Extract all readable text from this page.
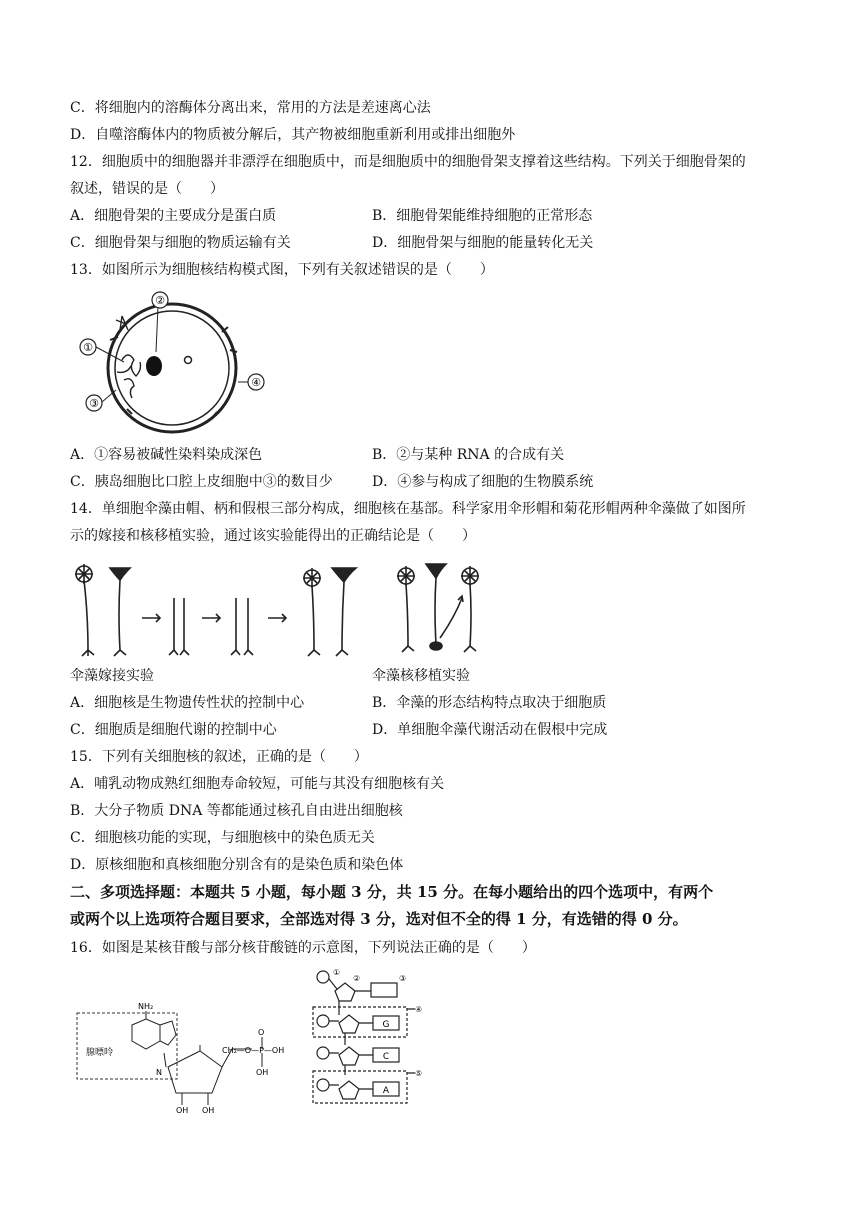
C．将细胞内的溶酶体分离出来，常用的方法是差速离心法
D．自噬溶酶体内的物质被分解后，其产物被细胞重新利用或排出细胞外
12．细胞质中的细胞器并非漂浮在细胞质中，而是细胞质中的细胞骨架支撑着这些结构。下列关于细胞骨架的
叙述，错误的是（　　）
A．细胞骨架的主要成分是蛋白质	B．细胞骨架能维持细胞的正常形态
C．细胞骨架与细胞的物质运输有关	D．细胞骨架与细胞的能量转化无关
13．如图所示为细胞核结构模式图，下列有关叙述错误的是（　　）
②
①
③
④
A．①容易被碱性染料染成深色	B．②与某种 RNA 的合成有关
C．胰岛细胞比口腔上皮细胞中③的数目少	D．④参与构成了细胞的生物膜系统
14．单细胞伞藻由帽、柄和假根三部分构成，细胞核在基部。科学家用伞形帽和菊花形帽两种伞藻做了如图所
示的嫁接和核移植实验，通过该实验能得出的正确结论是（　　）
伞藻嫁接实验	伞藻核移植实验
A．细胞核是生物遗传性状的控制中心	B．伞藻的形态结构特点取决于细胞质
C．细胞质是细胞代谢的控制中心	D．单细胞伞藻代谢活动在假根中完成
15．下列有关细胞核的叙述，正确的是（　　）
A．哺乳动物成熟红细胞寿命较短，可能与其没有细胞核有关
B．大分子物质 DNA 等都能通过核孔自由进出细胞核
C．细胞核功能的实现，与细胞核中的染色质无关
D．原核细胞和真核细胞分别含有的是染色质和染色体
二、多项选择题：本题共 5 小题，每小题 3 分，共 15 分。在每小题给出的四个选项中，有两个
或两个以上选项符合题目要求，全部选对得 3 分，选对但不全的得 1 分，有选错的得 0 分。
16．如图是某核苷酸与部分核苷酸链的示意图，下列说法正确的是（　　）
腺嘌呤
NH₂
N
OH OH
CH₂—O—P—OH
O
OH
①
②	③
④
⑤
G
C
A
